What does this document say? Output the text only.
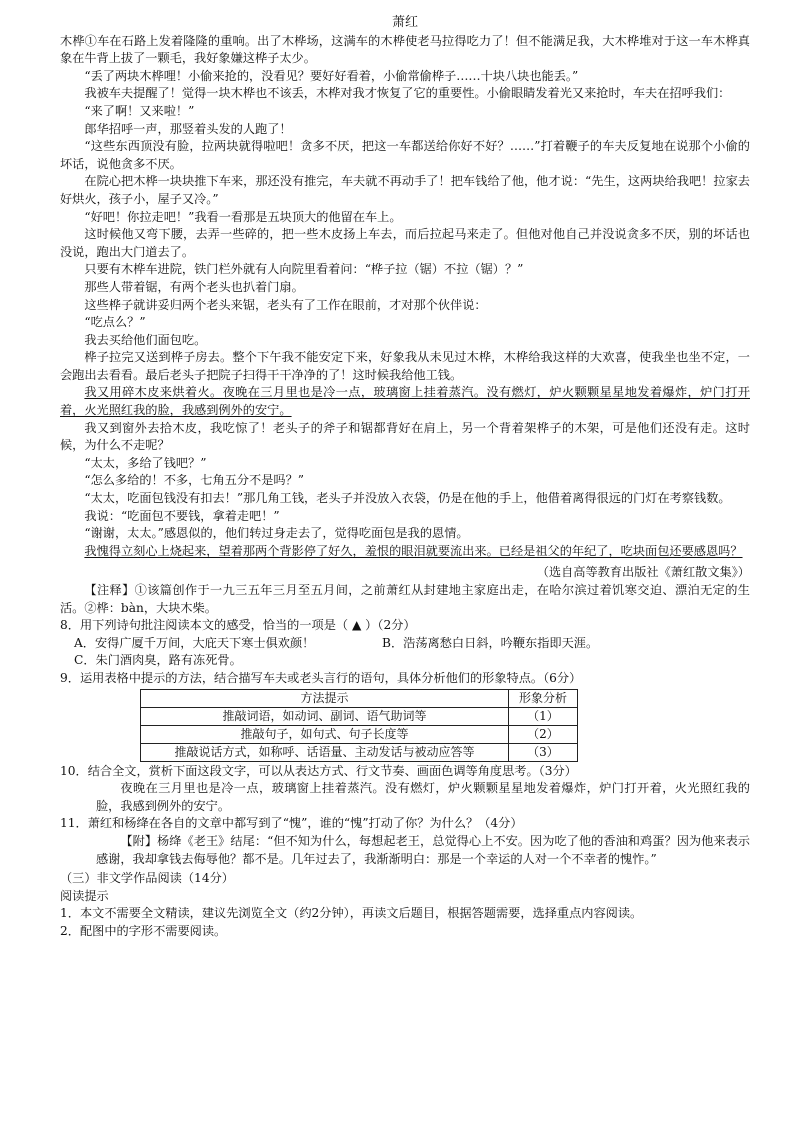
萧红

木桦①车在石路上发着隆隆的重响。出了木桦场，这满车的木桦使老马拉得吃力了！但不能满足我，大木桦堆对于这一车木桦真象在牛背上拔了一颗毛，我好象嫌这桦子太少。

“丢了两块木桦哩！小偷来抢的，没看见？要好好看着，小偷常偷桦子……十块八块也能丢。”

我被车夫提醒了！觉得一块木桦也不该丢，木桦对我才恢复了它的重要性。小偷眼睛发着光又来抢时，车夫在招呼我们：

“来了啊！又来啦！”

郎华招呼一声，那竖着头发的人跑了！

“这些东西顶没有脸，拉两块就得啦吧！贪多不厌，把这一车都送给你好不好？……”打着鞭子的车夫反复地在说那个小偷的坏话，说他贪多不厌。

在院心把木桦一块块推下车来，那还没有推完，车夫就不再动手了！把车钱给了他，他才说：“先生，这两块给我吧！拉家去好烘火，孩子小，屋子又冷。”

“好吧！你拉走吧！”我看一看那是五块顶大的他留在车上。

这时候他又弯下腰，去弄一些碎的，把一些木皮扬上车去，而后拉起马来走了。但他对他自己并没说贪多不厌，别的坏话也没说，跑出大门道去了。

只要有木桦车进院，铁门栏外就有人向院里看着问：“桦子拉（锯）不拉（锯）？”

那些人带着锯，有两个老头也扒着门扇。

这些桦子就讲妥归两个老头来锯，老头有了工作在眼前，才对那个伙伴说：

“吃点么？”

我去买给他们面包吃。

桦子拉完又送到桦子房去。整个下午我不能安定下来，好象我从未见过木桦，木桦给我这样的大欢喜，使我坐也坐不定，一会跑出去看看。最后老头子把院子扫得干干净净的了！这时候我给他工钱。

我又用碎木皮来烘着火。夜晚在三月里也是冷一点，玻璃窗上挂着蒸汽。没有燃灯，炉火颗颗星星地发着爆炸，炉门打开着，火光照红我的脸，我感到例外的安宁。

我又到窗外去拾木皮，我吃惊了！老头子的斧子和锯都背好在肩上，另一个背着架桦子的木架，可是他们还没有走。这时候，为什么不走呢？

“太太，多给了钱吧？”

“怎么多给的！不多，七角五分不是吗？”

“太太，吃面包钱没有扣去！”那几角工钱，老头子并没放入衣袋，仍是在他的手上，他借着离得很远的门灯在考察钱数。

我说：“吃面包不要钱，拿着走吧！”

“谢谢，太太。”感恩似的，他们转过身走去了，觉得吃面包是我的恩情。

我愧得立刻心上烧起来，望着那两个背影停了好久，羞恨的眼泪就要流出来。已经是祖父的年纪了，吃块面包还要感恩吗？

（选自高等教育出版社《萧红散文集》）

【注释】①该篇创作于一九三五年三月至五月间，之前萧红从封建地主家庭出走，在哈尔滨过着饥寒交迫、漂泊无定的生活。②桦：bàn，大块木柴。

8．用下列诗句批注阅读本文的感受，恰当的一项是（ ▲ ）（2分）
A．安得广厦千万间，大庇天下寒士俱欢颜！	B．浩荡离愁白日斜，吟鞭东指即天涯。
C．朱门酒肉臭，路有冻死骨。
9．运用表格中提示的方法，结合描写车夫或老头言行的语句，具体分析他们的形象特点。（6分）
方法提示	形象分析
推敲词语，如动词、副词、语气助词等	（1）
推敲句子，如句式、句子长度等	（2）
推敲说话方式，如称呼、话语量、主动发话与被动应答等	（3）
10．结合全文，赏析下面这段文字，可以从表达方式、行文节奏、画面色调等角度思考。（3分）

夜晚在三月里也是冷一点，玻璃窗上挂着蒸汽。没有燃灯，炉火颗颗星星地发着爆炸，炉门打开着，火光照红我的脸，我感到例外的安宁。

11．萧红和杨绛在各自的文章中都写到了“愧”，谁的“愧”打动了你？为什么？（4分）

【附】杨绛《老王》结尾：“但不知为什么，每想起老王，总觉得心上不安。因为吃了他的香油和鸡蛋？因为他来表示感谢，我却拿钱去侮辱他？都不是。几年过去了，我渐渐明白：那是一个幸运的人对一个不幸者的愧怍。”

（三）非文学作品阅读（14分）
阅读提示
1．本文不需要全文精读，建议先浏览全文（约2分钟），再读文后题目，根据答题需要，选择重点内容阅读。
2．配图中的字形不需要阅读。
